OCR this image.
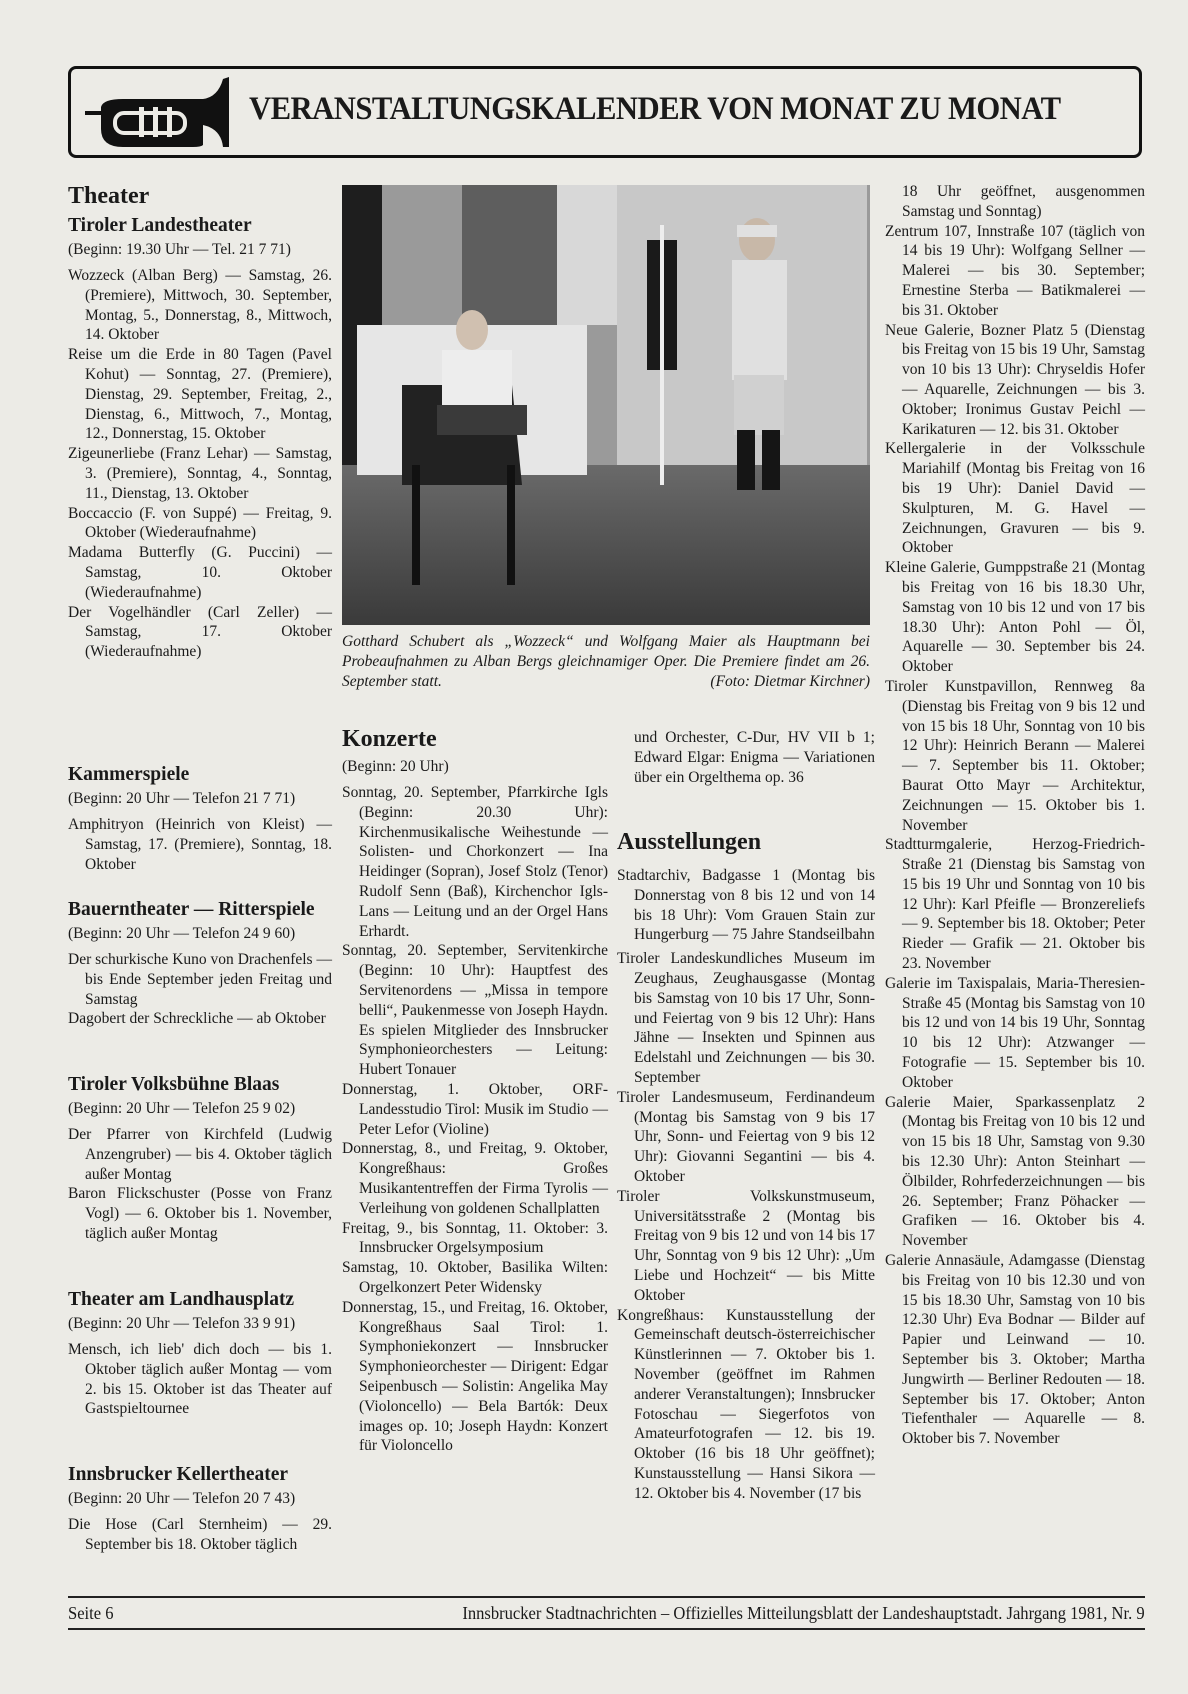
VERANSTALTUNGSKALENDER VON MONAT ZU MONAT
Theater
Tiroler Landestheater
(Beginn: 19.30 Uhr — Tel. 21 7 71)

Wozzeck (Alban Berg) — Samstag, 26. (Premiere), Mittwoch, 30. September, Montag, 5., Donnerstag, 8., Mittwoch, 14. Oktober

Reise um die Erde in 80 Tagen (Pavel Kohut) — Sonntag, 27. (Premiere), Dienstag, 29. September, Freitag, 2., Dienstag, 6., Mittwoch, 7., Montag, 12., Donnerstag, 15. Oktober

Zigeunerliebe (Franz Lehar) — Samstag, 3. (Premiere), Sonntag, 4., Sonntag, 11., Dienstag, 13. Oktober

Boccaccio (F. von Suppé) — Freitag, 9. Oktober (Wiederaufnahme)

Madama Butterfly (G. Puccini) — Samstag, 10. Oktober (Wiederaufnahme)

Der Vogelhändler (Carl Zeller) — Samstag, 17. Oktober (Wiederaufnahme)

Kammerspiele
(Beginn: 20 Uhr — Telefon 21 7 71)

Amphitryon (Heinrich von Kleist) — Samstag, 17. (Premiere), Sonntag, 18. Oktober

Bauerntheater — Ritterspiele
(Beginn: 20 Uhr — Telefon 24 9 60)

Der schurkische Kuno von Drachenfels — bis Ende September jeden Freitag und Samstag

Dagobert der Schreckliche — ab Oktober

Tiroler Volksbühne Blaas
(Beginn: 20 Uhr — Telefon 25 9 02)

Der Pfarrer von Kirchfeld (Ludwig Anzengruber) — bis 4. Oktober täglich außer Montag

Baron Flickschuster (Posse von Franz Vogl) — 6. Oktober bis 1. November, täglich außer Montag

Theater am Landhausplatz
(Beginn: 20 Uhr — Telefon 33 9 91)

Mensch, ich lieb' dich doch — bis 1. Oktober täglich außer Montag — vom 2. bis 15. Oktober ist das Theater auf Gastspieltournee

Innsbrucker Kellertheater
(Beginn: 20 Uhr — Telefon 20 7 43)

Die Hose (Carl Sternheim) — 29. September bis 18. Oktober täglich

Gotthard Schubert als „Wozzeck“ und Wolfgang Maier als Hauptmann bei Probeaufnahmen zu Alban Bergs gleichnamiger Oper. Die Premiere findet am 26. September statt.	(Foto: Dietmar Kirchner)
Konzerte
(Beginn: 20 Uhr)

Sonntag, 20. September, Pfarrkirche Igls (Beginn: 20.30 Uhr): Kirchenmusikalische Weihestunde — Solisten- und Chorkonzert — Ina Heidinger (Sopran), Josef Stolz (Tenor) Rudolf Senn (Baß), Kirchenchor Igls-Lans — Leitung und an der Orgel Hans Erhardt.

Sonntag, 20. September, Servitenkirche (Beginn: 10 Uhr): Hauptfest des Servitenordens — „Missa in tempore belli“, Paukenmesse von Joseph Haydn. Es spielen Mitglieder des Innsbrucker Symphonieorchesters — Leitung: Hubert Tonauer

Donnerstag, 1. Oktober, ORF-Landesstudio Tirol: Musik im Studio — Peter Lefor (Violine)

Donnerstag, 8., und Freitag, 9. Oktober, Kongreßhaus: Großes Musikantentreffen der Firma Tyrolis — Verleihung von goldenen Schallplatten

Freitag, 9., bis Sonntag, 11. Oktober: 3. Innsbrucker Orgelsymposium

Samstag, 10. Oktober, Basilika Wilten: Orgelkonzert Peter Widensky

Donnerstag, 15., und Freitag, 16. Oktober, Kongreßhaus Saal Tirol: 1. Symphoniekonzert — Innsbrucker Symphonieorchester — Dirigent: Edgar Seipenbusch — Solistin: Angelika May (Violoncello) — Bela Bartók: Deux images op. 10; Joseph Haydn: Konzert für Violoncello

und Orchester, C-Dur, HV VII b 1; Edward Elgar: Enigma — Variationen über ein Orgelthema op. 36

Ausstellungen

Stadtarchiv, Badgasse 1 (Montag bis Donnerstag von 8 bis 12 und von 14 bis 18 Uhr): Vom Grauen Stain zur Hungerburg — 75 Jahre Standseilbahn

Tiroler Landeskundliches Museum im Zeughaus, Zeughausgasse (Montag bis Samstag von 10 bis 17 Uhr, Sonn- und Feiertag von 9 bis 12 Uhr): Hans Jähne — Insekten und Spinnen aus Edelstahl und Zeichnungen — bis 30. September

Tiroler Landesmuseum, Ferdinandeum (Montag bis Samstag von 9 bis 17 Uhr, Sonn- und Feiertag von 9 bis 12 Uhr): Giovanni Segantini — bis 4. Oktober

Tiroler Volkskunstmuseum, Universitätsstraße 2 (Montag bis Freitag von 9 bis 12 und von 14 bis 17 Uhr, Sonntag von 9 bis 12 Uhr): „Um Liebe und Hochzeit“ — bis Mitte Oktober

Kongreßhaus: Kunstausstellung der Gemeinschaft deutsch-österreichischer Künstlerinnen — 7. Oktober bis 1. November (geöffnet im Rahmen anderer Veranstaltungen); Innsbrucker Fotoschau — Siegerfotos von Amateurfotografen — 12. bis 19. Oktober (16 bis 18 Uhr geöffnet); Kunstausstellung — Hansi Sikora — 12. Oktober bis 4. November (17 bis

18 Uhr geöffnet, ausgenommen Samstag und Sonntag)

Zentrum 107, Innstraße 107 (täglich von 14 bis 19 Uhr): Wolfgang Sellner — Malerei — bis 30. September; Ernestine Sterba — Batikmalerei — bis 31. Oktober

Neue Galerie, Bozner Platz 5 (Dienstag bis Freitag von 15 bis 19 Uhr, Samstag von 10 bis 13 Uhr): Chryseldis Hofer — Aquarelle, Zeichnungen — bis 3. Oktober; Ironimus Gustav Peichl — Karikaturen — 12. bis 31. Oktober

Kellergalerie in der Volksschule Mariahilf (Montag bis Freitag von 16 bis 19 Uhr): Daniel David — Skulpturen, M. G. Havel — Zeichnungen, Gravuren — bis 9. Oktober

Kleine Galerie, Gumppstraße 21 (Montag bis Freitag von 16 bis 18.30 Uhr, Samstag von 10 bis 12 und von 17 bis 18.30 Uhr): Anton Pohl — Öl, Aquarelle — 30. September bis 24. Oktober

Tiroler Kunstpavillon, Rennweg 8a (Dienstag bis Freitag von 9 bis 12 und von 15 bis 18 Uhr, Sonntag von 10 bis 12 Uhr): Heinrich Berann — Malerei — 7. September bis 11. Oktober; Baurat Otto Mayr — Architektur, Zeichnungen — 15. Oktober bis 1. November

Stadtturmgalerie, Herzog-Friedrich-Straße 21 (Dienstag bis Samstag von 15 bis 19 Uhr und Sonntag von 10 bis 12 Uhr): Karl Pfeifle — Bronzereliefs — 9. September bis 18. Oktober; Peter Rieder — Grafik — 21. Oktober bis 23. November

Galerie im Taxispalais, Maria-Theresien-Straße 45 (Montag bis Samstag von 10 bis 12 und von 14 bis 19 Uhr, Sonntag 10 bis 12 Uhr): Atzwanger — Fotografie — 15. September bis 10. Oktober

Galerie Maier, Sparkassenplatz 2 (Montag bis Freitag von 10 bis 12 und von 15 bis 18 Uhr, Samstag von 9.30 bis 12.30 Uhr): Anton Steinhart — Ölbilder, Rohrfederzeichnungen — bis 26. September; Franz Pöhacker — Grafiken — 16. Oktober bis 4. November

Galerie Annasäule, Adamgasse (Dienstag bis Freitag von 10 bis 12.30 und von 15 bis 18.30 Uhr, Samstag von 10 bis 12.30 Uhr) Eva Bodnar — Bilder auf Papier und Leinwand — 10. September bis 3. Oktober; Martha Jungwirth — Berliner Redouten — 18. September bis 17. Oktober; Anton Tiefenthaler — Aquarelle — 8. Oktober bis 7. November

Seite 6	Innsbrucker Stadtnachrichten – Offizielles Mitteilungsblatt der Landeshauptstadt. Jahrgang 1981, Nr. 9
